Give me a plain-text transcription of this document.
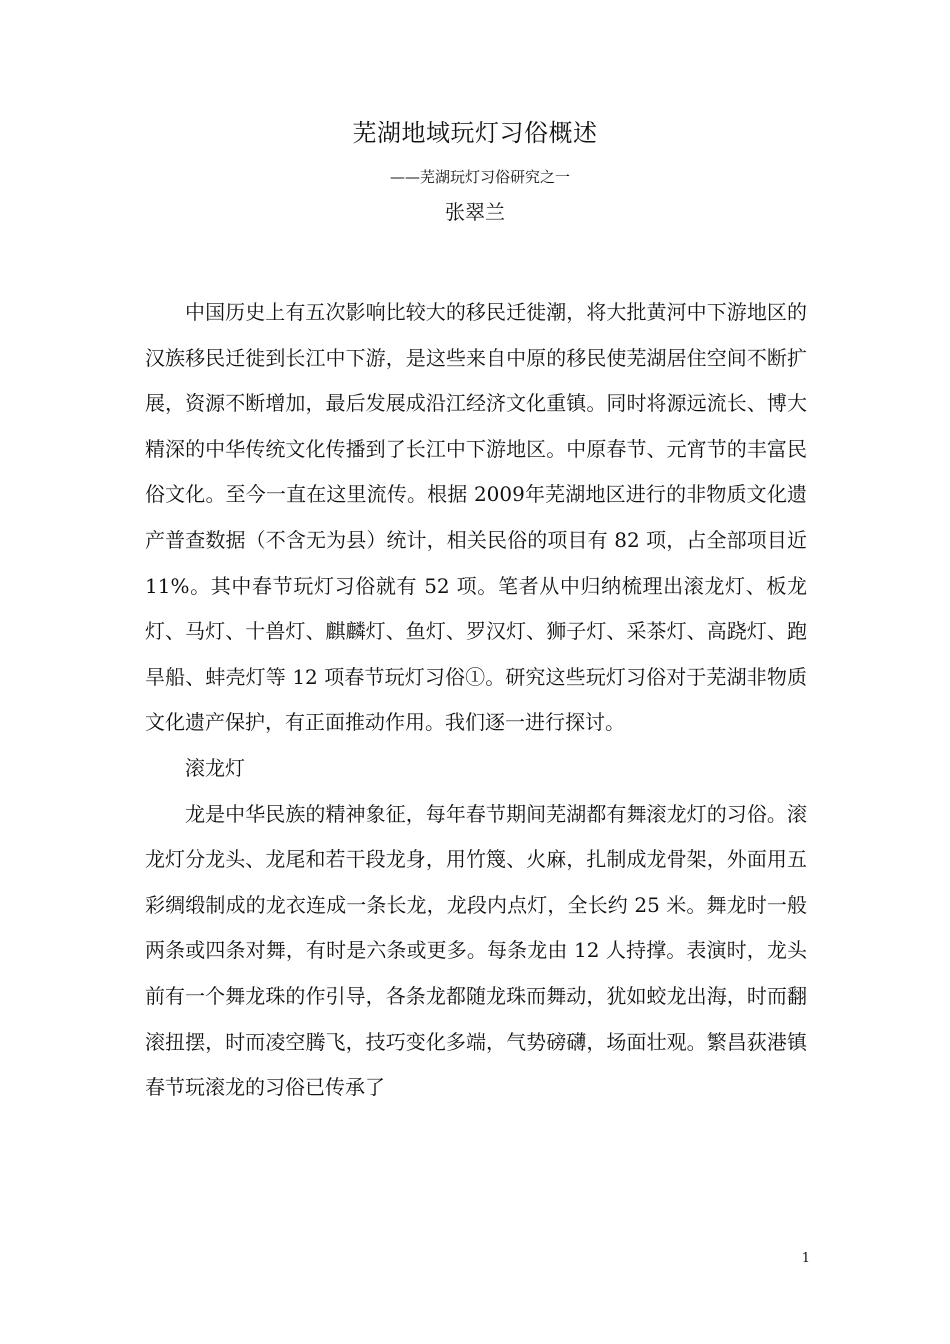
芜湖地域玩灯习俗概述
——芜湖玩灯习俗研究之一
张翠兰

中国历史上有五次影响比较大的移民迁徙潮，将大批黄河中下游地区的汉族移民迁徙到长江中下游，是这些来自中原的移民使芜湖居住空间不断扩展，资源不断增加，最后发展成沿江经济文化重镇。同时将源远流长、博大精深的中华传统文化传播到了长江中下游地区。中原春节、元宵节的丰富民俗文化。至今一直在这里流传。根据 2009年芜湖地区进行的非物质文化遗产普查数据（不含无为县）统计，相关民俗的项目有 82 项，占全部项目近 11%。其中春节玩灯习俗就有 52 项。笔者从中归纳梳理出滚龙灯、板龙灯、马灯、十兽灯、麒麟灯、鱼灯、罗汉灯、狮子灯、采茶灯、高跷灯、跑旱船、蚌壳灯等 12 项春节玩灯习俗①。研究这些玩灯习俗对于芜湖非物质文化遗产保护，有正面推动作用。我们逐一进行探讨。

滚龙灯

龙是中华民族的精神象征，每年春节期间芜湖都有舞滚龙灯的习俗。滚龙灯分龙头、龙尾和若干段龙身，用竹篾、火麻，扎制成龙骨架，外面用五彩绸缎制成的龙衣连成一条长龙，龙段内点灯，全长约 25 米。舞龙时一般两条或四条对舞，有时是六条或更多。每条龙由 12 人持撑。表演时，龙头前有一个舞龙珠的作引导，各条龙都随龙珠而舞动，犹如蛟龙出海，时而翻滚扭摆，时而凌空腾飞，技巧变化多端，气势磅礴，场面壮观。繁昌荻港镇春节玩滚龙的习俗已传承了

1
